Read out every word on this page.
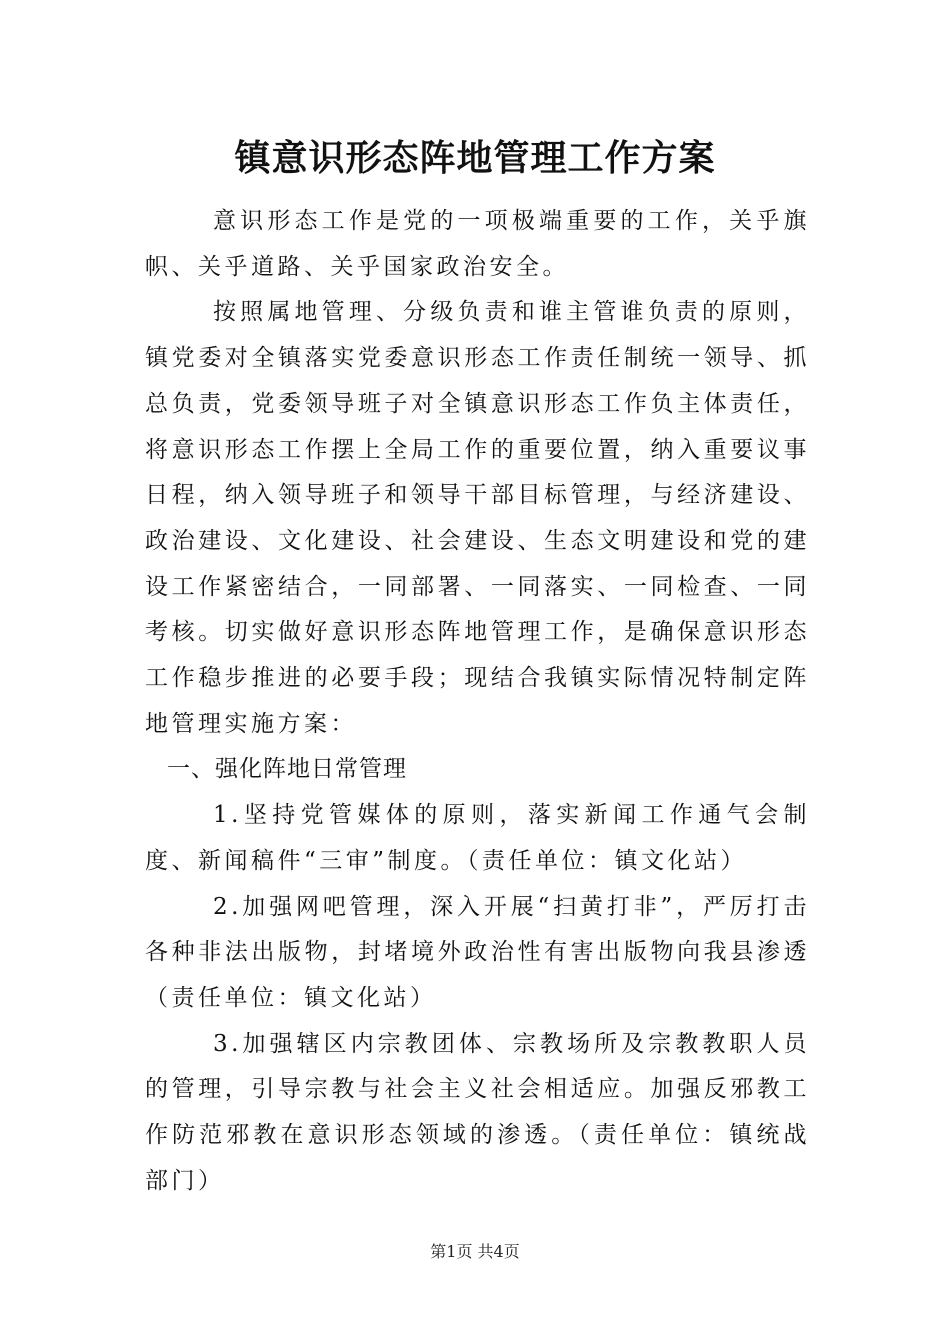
镇意识形态阵地管理工作方案

意识形态工作是党的一项极端重要的工作，关乎旗帜、关乎道路、关乎国家政治安全。

按照属地管理、分级负责和谁主管谁负责的原则，镇党委对全镇落实党委意识形态工作责任制统一领导、抓总负责，党委领导班子对全镇意识形态工作负主体责任，将意识形态工作摆上全局工作的重要位置，纳入重要议事日程，纳入领导班子和领导干部目标管理，与经济建设、政治建设、文化建设、社会建设、生态文明建设和党的建设工作紧密结合，一同部署、一同落实、一同检查、一同考核。切实做好意识形态阵地管理工作，是确保意识形态工作稳步推进的必要手段；现结合我镇实际情况特制定阵地管理实施方案：

一、强化阵地日常管理

1.坚持党管媒体的原则，落实新闻工作通气会制度、新闻稿件“三审”制度。（责任单位：镇文化站）

2.加强网吧管理，深入开展“扫黄打非”，严厉打击各种非法出版物，封堵境外政治性有害出版物向我县渗透（责任单位：镇文化站）

3.加强辖区内宗教团体、宗教场所及宗教教职人员的管理，引导宗教与社会主义社会相适应。加强反邪教工作防范邪教在意识形态领域的渗透。（责任单位：镇统战部门）

第1页 共4页
